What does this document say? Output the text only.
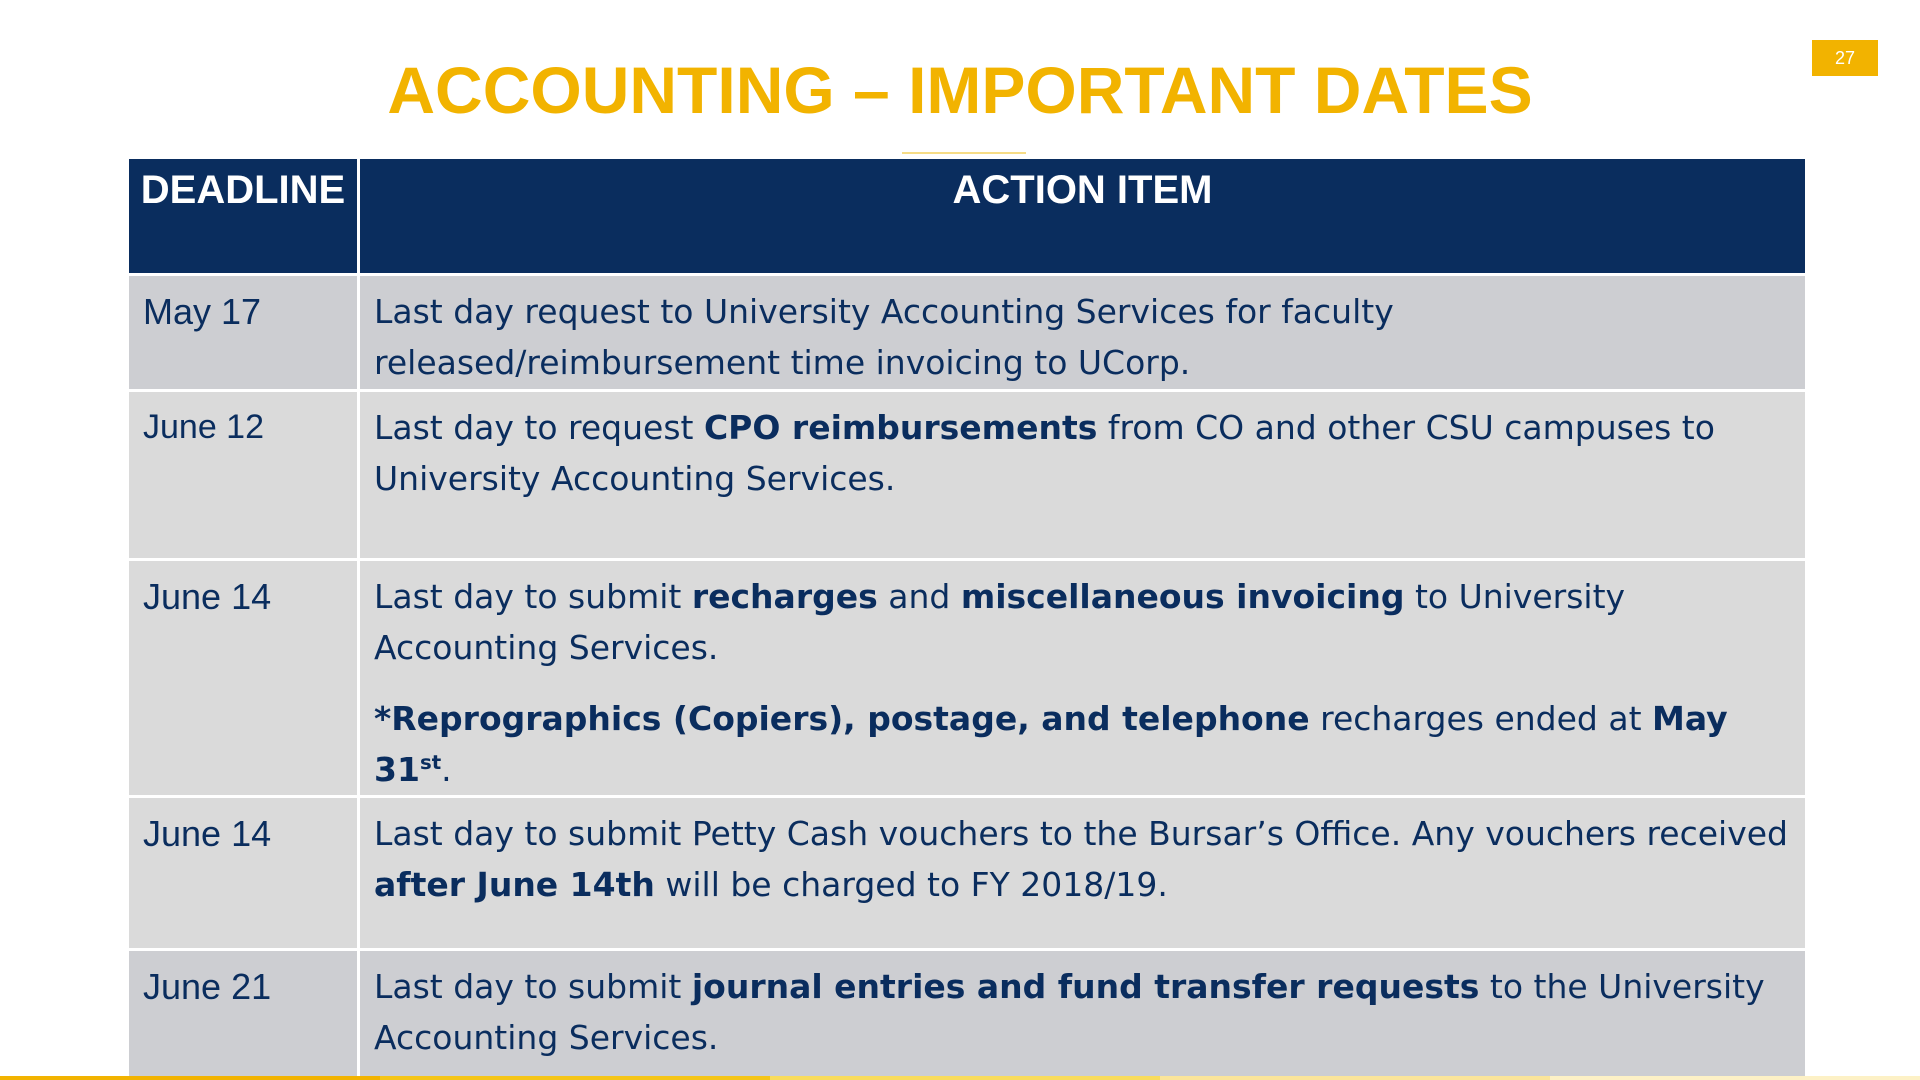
27
ACCOUNTING – IMPORTANT DATES
DEADLINE	ACTION ITEM
May 17	Last day request to University Accounting Services for faculty released/reimbursement time invoicing to UCorp.
June 12	Last day to request CPO reimbursements from CO and other CSU campuses to University Accounting Services.
June 14	Last day to submit recharges and miscellaneous invoicing to University Accounting Services.
*Reprographics (Copiers), postage, and telephone recharges ended at May 31st.

June 14	Last day to submit Petty Cash vouchers to the Bursar’s Office. Any vouchers received after June 14th will be charged to FY 2018/19.
June 21	Last day to submit journal entries and fund transfer requests to the University Accounting Services.
